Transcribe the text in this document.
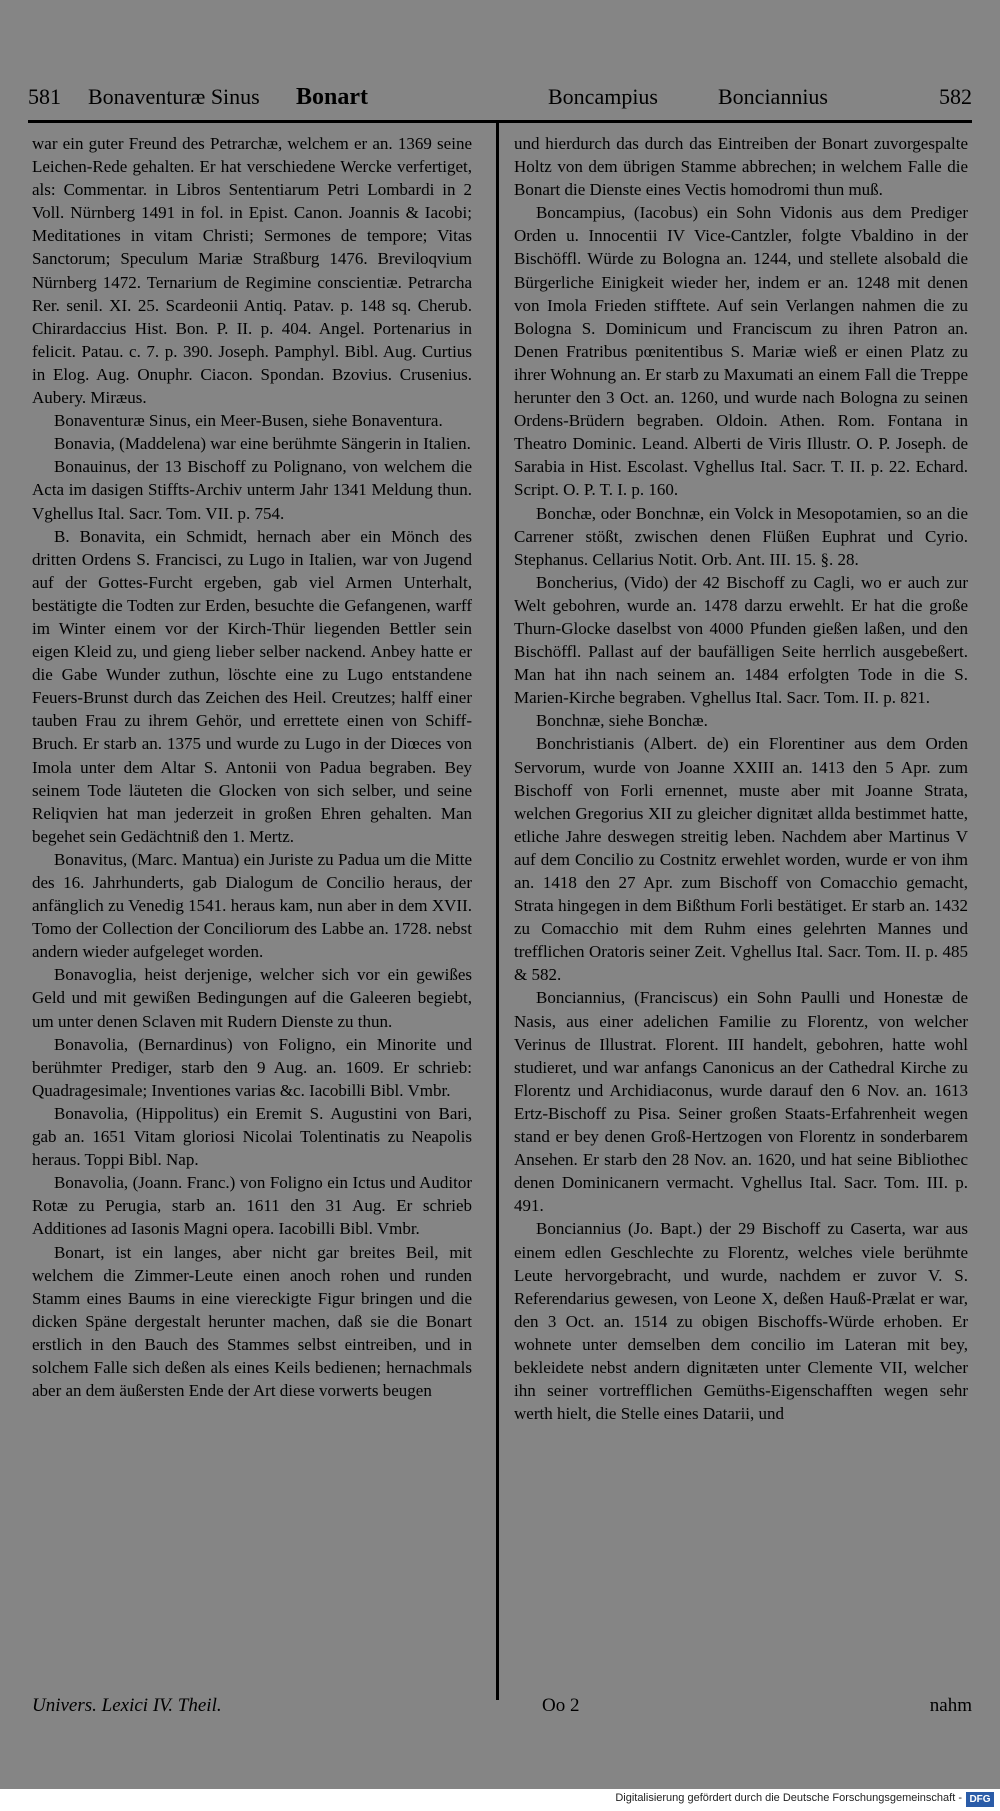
581 Bonaventuræ Sinus Bonart	Boncampius	Bonciannius	582

war ein guter Freund des Petrarchæ, welchem er an. 1369 seine Leichen-Rede gehalten. Er hat verschiedene Wercke verfertiget, als: Commentar. in Libros Sententiarum Petri Lombardi in 2 Voll. Nürnberg 1491 in fol. in Epist. Canon. Joannis & Iacobi; Meditationes in vitam Christi; Sermones de tempore; Vitas Sanctorum; Speculum Mariæ Straßburg 1476. Breviloqvium Nürnberg 1472. Ternarium de Regimine conscientiæ. Petrarcha Rer. senil. XI. 25. Scardeonii Antiq. Patav. p. 148 sq. Cherub. Chirardaccius Hist. Bon. P. II. p. 404. Angel. Portenarius in felicit. Patau. c. 7. p. 390. Joseph. Pamphyl. Bibl. Aug. Curtius in Elog. Aug. Onuphr. Ciacon. Spondan. Bzovius. Crusenius. Aubery. Miræus.

Bonaventuræ Sinus, ein Meer-Busen, siehe Bonaventura.

Bonavia, (Maddelena) war eine berühmte Sängerin in Italien.

Bonauinus, der 13 Bischoff zu Polignano, von welchem die Acta im dasigen Stiffts-Archiv unterm Jahr 1341 Meldung thun. Vghellus Ital. Sacr. Tom. VII. p. 754.

B. Bonavita, ein Schmidt, hernach aber ein Mönch des dritten Ordens S. Francisci, zu Lugo in Italien, war von Jugend auf der Gottes-Furcht ergeben, gab viel Armen Unterhalt, bestätigte die Todten zur Erden, besuchte die Gefangenen, warff im Winter einem vor der Kirch-Thür liegenden Bettler sein eigen Kleid zu, und gieng lieber selber nackend. Anbey hatte er die Gabe Wunder zuthun, löschte eine zu Lugo entstandene Feuers-Brunst durch das Zeichen des Heil. Creutzes; halff einer tauben Frau zu ihrem Gehör, und errettete einen von Schiff-Bruch. Er starb an. 1375 und wurde zu Lugo in der Diœces von Imola unter dem Altar S. Antonii von Padua begraben. Bey seinem Tode läuteten die Glocken von sich selber, und seine Reliqvien hat man jederzeit in großen Ehren gehalten. Man begehet sein Gedächtniß den 1. Mertz.

Bonavitus, (Marc. Mantua) ein Juriste zu Padua um die Mitte des 16. Jahrhunderts, gab Dialogum de Concilio heraus, der anfänglich zu Venedig 1541. heraus kam, nun aber in dem XVII. Tomo der Collection der Conciliorum des Labbe an. 1728. nebst andern wieder aufgeleget worden.

Bonavoglia, heist derjenige, welcher sich vor ein gewißes Geld und mit gewißen Bedingungen auf die Galeeren begiebt, um unter denen Sclaven mit Rudern Dienste zu thun.

Bonavolia, (Bernardinus) von Foligno, ein Minorite und berühmter Prediger, starb den 9 Aug. an. 1609. Er schrieb: Quadragesimale; Inventiones varias &c. Iacobilli Bibl. Vmbr.

Bonavolia, (Hippolitus) ein Eremit S. Augustini von Bari, gab an. 1651 Vitam gloriosi Nicolai Tolentinatis zu Neapolis heraus. Toppi Bibl. Nap.

Bonavolia, (Joann. Franc.) von Foligno ein Ictus und Auditor Rotæ zu Perugia, starb an. 1611 den 31 Aug. Er schrieb Additiones ad Iasonis Magni opera. Iacobilli Bibl. Vmbr.

Bonart, ist ein langes, aber nicht gar breites Beil, mit welchem die Zimmer-Leute einen anoch rohen und runden Stamm eines Baums in eine viereckigte Figur bringen und die dicken Späne dergestalt herunter machen, daß sie die Bonart erstlich in den Bauch des Stammes selbst eintreiben, und in solchem Falle sich deßen als eines Keils bedienen; hernachmals aber an dem äußersten Ende der Art diese vorwerts beugen

und hierdurch das durch das Eintreiben der Bonart zuvorgespalte Holtz von dem übrigen Stamme abbrechen; in welchem Falle die Bonart die Dienste eines Vectis homodromi thun muß.

Boncampius, (Iacobus) ein Sohn Vidonis aus dem Prediger Orden u. Innocentii IV Vice-Cantzler, folgte Vbaldino in der Bischöffl. Würde zu Bologna an. 1244, und stellete alsobald die Bürgerliche Einigkeit wieder her, indem er an. 1248 mit denen von Imola Frieden stifftete. Auf sein Verlangen nahmen die zu Bologna S. Dominicum und Franciscum zu ihren Patron an. Denen Fratribus pœnitentibus S. Mariæ wieß er einen Platz zu ihrer Wohnung an. Er starb zu Maxumati an einem Fall die Treppe herunter den 3 Oct. an. 1260, und wurde nach Bologna zu seinen Ordens-Brüdern begraben. Oldoin. Athen. Rom. Fontana in Theatro Dominic. Leand. Alberti de Viris Illustr. O. P. Joseph. de Sarabia in Hist. Escolast. Vghellus Ital. Sacr. T. II. p. 22. Echard. Script. O. P. T. I. p. 160.

Bonchæ, oder Bonchnæ, ein Volck in Mesopotamien, so an die Carrener stößt, zwischen denen Flüßen Euphrat und Cyrio. Stephanus. Cellarius Notit. Orb. Ant. III. 15. §. 28.

Boncherius, (Vido) der 42 Bischoff zu Cagli, wo er auch zur Welt gebohren, wurde an. 1478 darzu erwehlt. Er hat die große Thurn-Glocke daselbst von 4000 Pfunden gießen laßen, und den Bischöffl. Pallast auf der baufälligen Seite herrlich ausgebeßert. Man hat ihn nach seinem an. 1484 erfolgten Tode in die S. Marien-Kirche begraben. Vghellus Ital. Sacr. Tom. II. p. 821.

Bonchnæ, siehe Bonchæ.

Bonchristianis (Albert. de) ein Florentiner aus dem Orden Servorum, wurde von Joanne XXIII an. 1413 den 5 Apr. zum Bischoff von Forli ernennet, muste aber mit Joanne Strata, welchen Gregorius XII zu gleicher dignitæt allda bestimmet hatte, etliche Jahre deswegen streitig leben. Nachdem aber Martinus V auf dem Concilio zu Costnitz erwehlet worden, wurde er von ihm an. 1418 den 27 Apr. zum Bischoff von Comacchio gemacht, Strata hingegen in dem Bißthum Forli bestätiget. Er starb an. 1432 zu Comacchio mit dem Ruhm eines gelehrten Mannes und trefflichen Oratoris seiner Zeit. Vghellus Ital. Sacr. Tom. II. p. 485 & 582.

Bonciannius, (Franciscus) ein Sohn Paulli und Honestæ de Nasis, aus einer adelichen Familie zu Florentz, von welcher Verinus de Illustrat. Florent. III handelt, gebohren, hatte wohl studieret, und war anfangs Canonicus an der Cathedral Kirche zu Florentz und Archidiaconus, wurde darauf den 6 Nov. an. 1613 Ertz-Bischoff zu Pisa. Seiner großen Staats-Erfahrenheit wegen stand er bey denen Groß-Hertzogen von Florentz in sonderbarem Ansehen. Er starb den 28 Nov. an. 1620, und hat seine Bibliothec denen Dominicanern vermacht. Vghellus Ital. Sacr. Tom. III. p. 491.

Bonciannius (Jo. Bapt.) der 29 Bischoff zu Caserta, war aus einem edlen Geschlechte zu Florentz, welches viele berühmte Leute hervorgebracht, und wurde, nachdem er zuvor V. S. Referendarius gewesen, von Leone X, deßen Hauß-Prælat er war, den 3 Oct. an. 1514 zu obigen Bischoffs-Würde erhoben. Er wohnete unter demselben dem concilio im Lateran mit bey, bekleidete nebst andern dignitæten unter Clemente VII, welcher ihn seiner vortrefflichen Gemüths-Eigenschafften wegen sehr werth hielt, die Stelle eines Datarii, und

Univers. Lexici IV. Theil.	Oo 2	nahm
Digitalisierung gefördert durch die Deutsche Forschungsgemeinschaft - DFG
